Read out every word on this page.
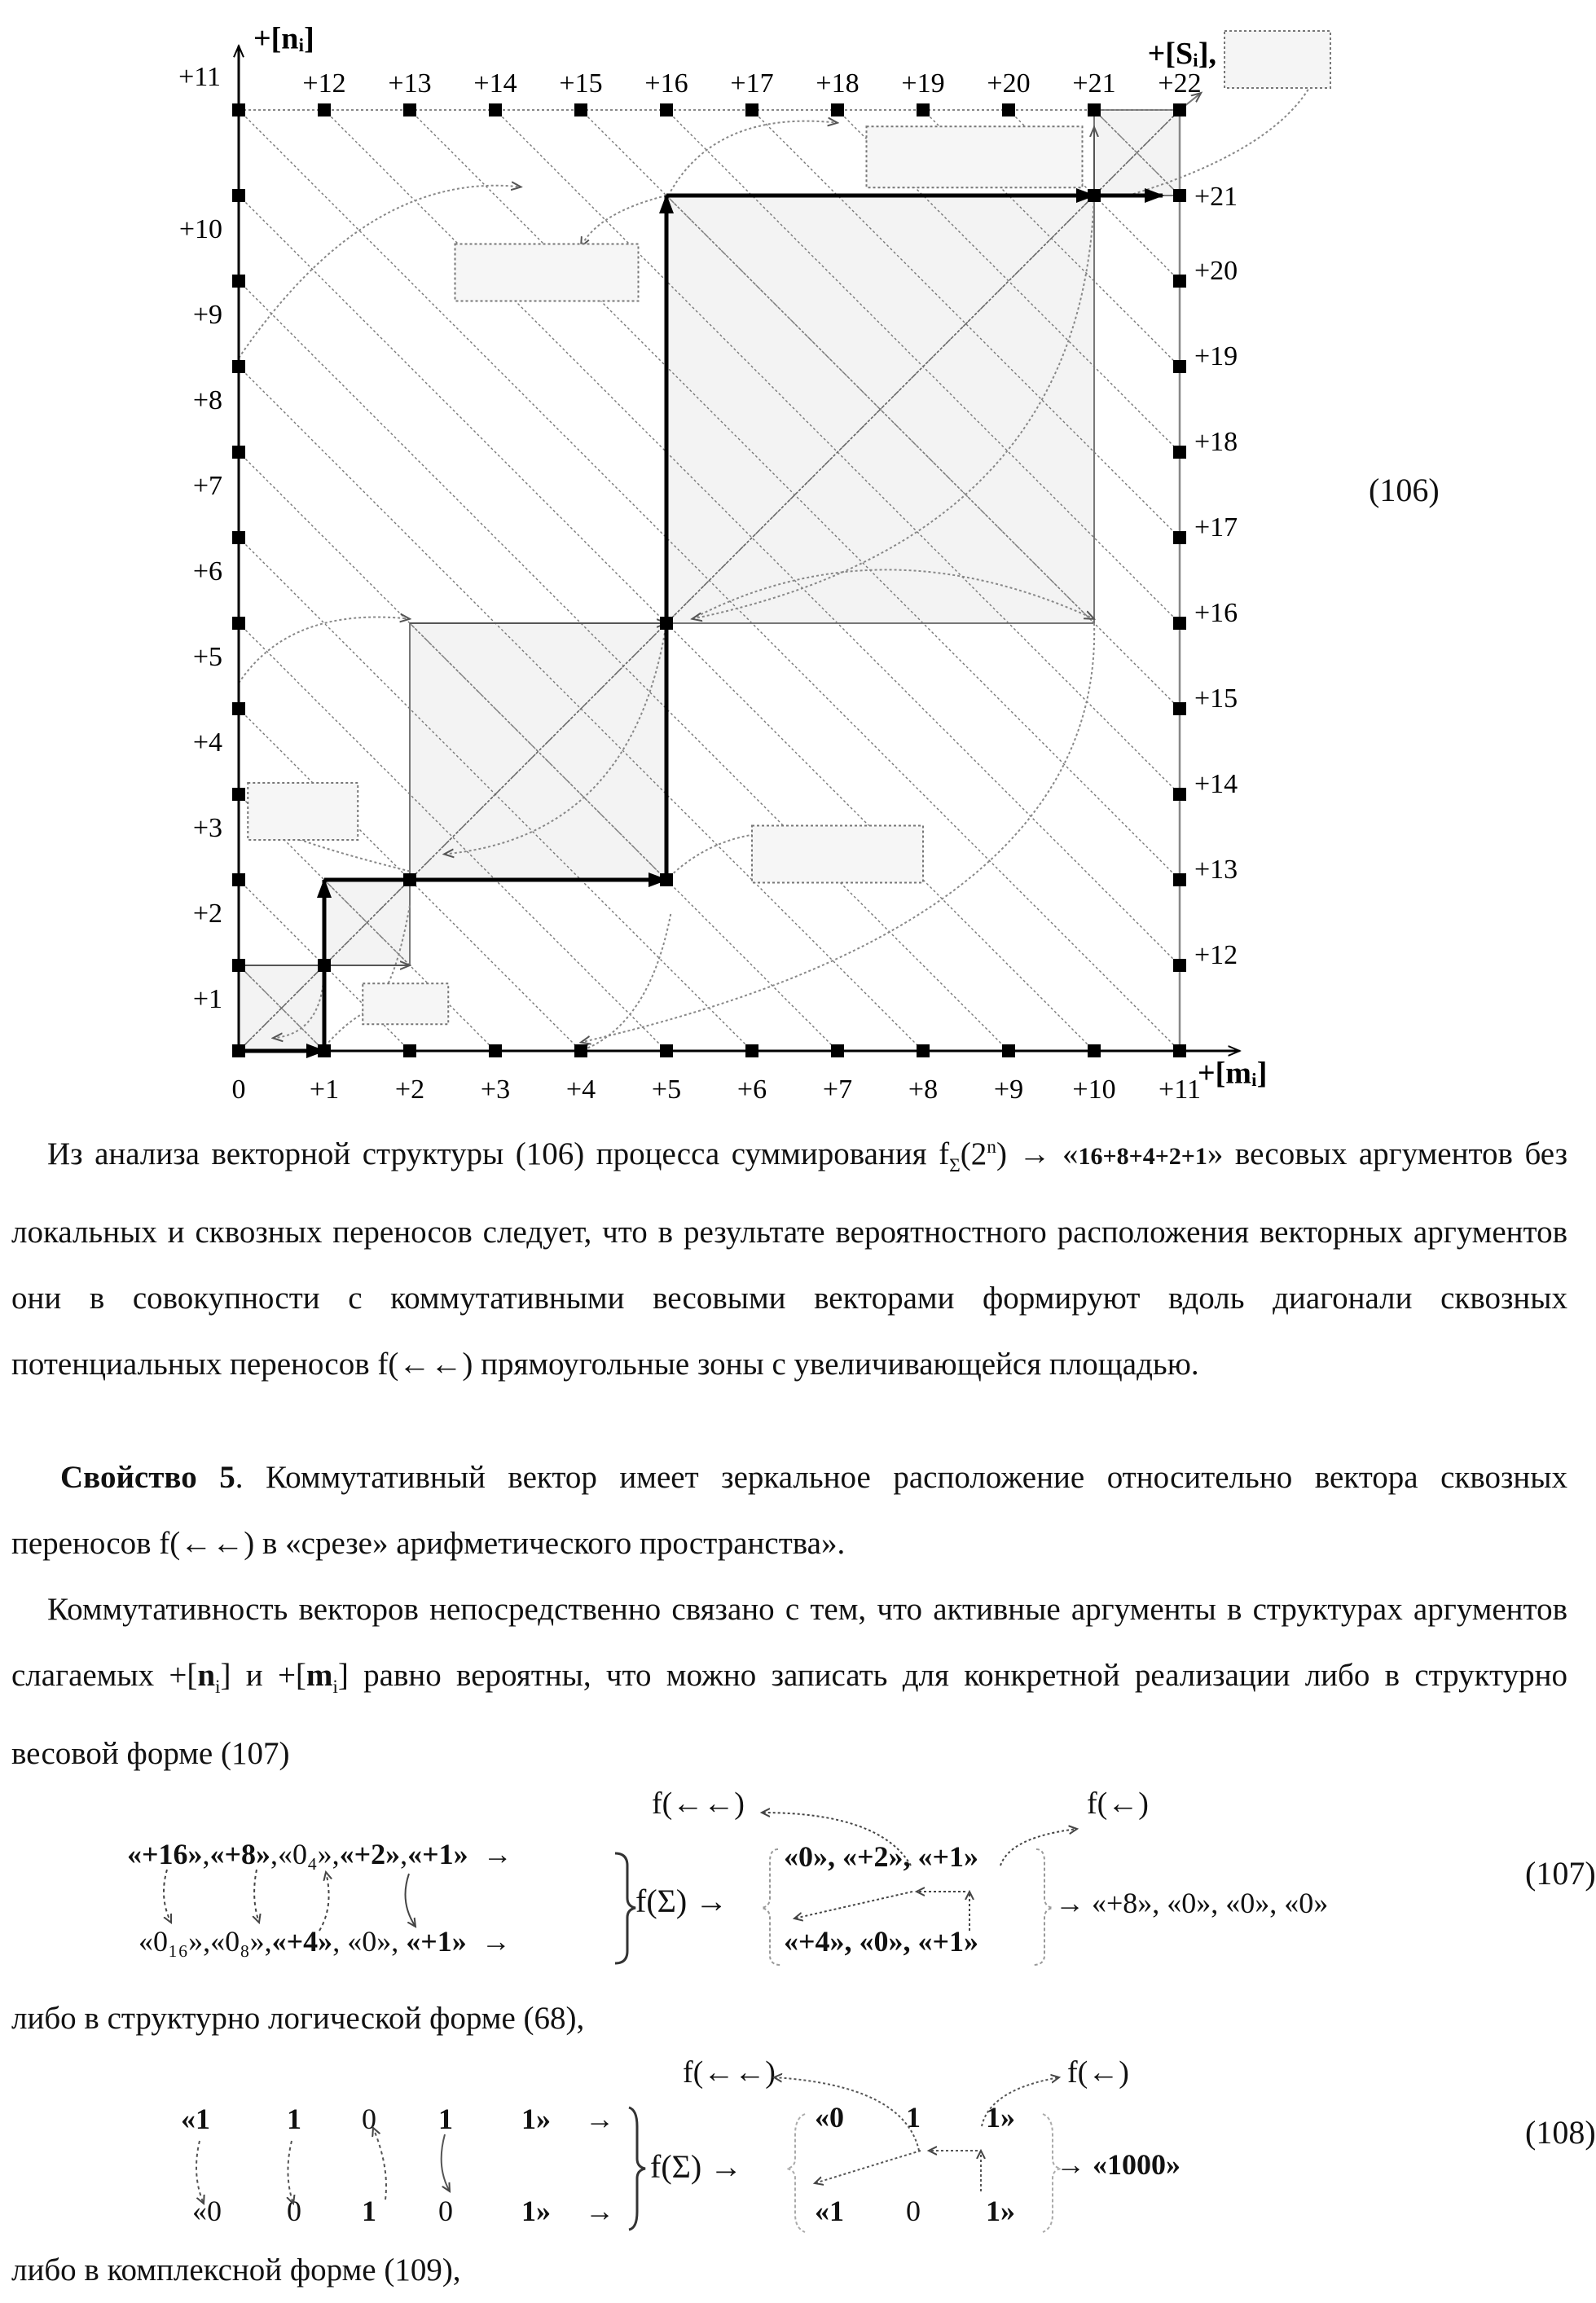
0 +1 +2 +3 +4 +5 +6 +7 +8 +9 +10 +11
+1
+2
+3
+4
+5
+6
+7
+8
+9
+10
+11	+12 +13 +14 +15 +16 +17 +18 +19 +20 +21 +22
+12
+13
+14
+15
+16
+17
+18
+19
+20
+21
+[nᵢ]
+[mᵢ]
+[Sᵢ],
(106)

Из анализа векторной структуры (106) процесса суммирования fΣ(2n) → «16+8+4+2+1» весовых аргументов без локальных и сквозных переносов следует, что в результате вероятностного расположения векторных аргументов они в совокупности с коммутативными весовыми векторами формируют вдоль диагонали сквозных потенциальных переносов f(←←) прямоугольные зоны с увеличивающейся площадью.

Свойство 5. Коммутативный вектор имеет зеркальное расположение относительно вектора сквозных переносов f(←←) в «срезе» арифметического пространства».

Коммутативность векторов непосредственно связано с тем, что активные аргументы в структурах аргументов слагаемых +[ni] и +[mi] равно вероятны, что можно записать для конкретной реализации либо в структурно весовой форме (107)

f(←←)	f(←)
«+16»,«+8»,«0₄»,«+2»,«+1» →
«0₁₆»,«0₈»,«+4», «0», «+1» →
f(Σ) →
«0», «+2», «+1»
«+4», «0», «+1»
→ «+8», «0», «0», «0»
(107)

либо в структурно логической форме (68),

f(←←)	f(←)
«1	1 0 1 1» →
«0 0 1 0 1» →
f(Σ) →
«0 1 1»
«1 0 1»
→ «1000»
(108)

либо в комплексной форме (109),
